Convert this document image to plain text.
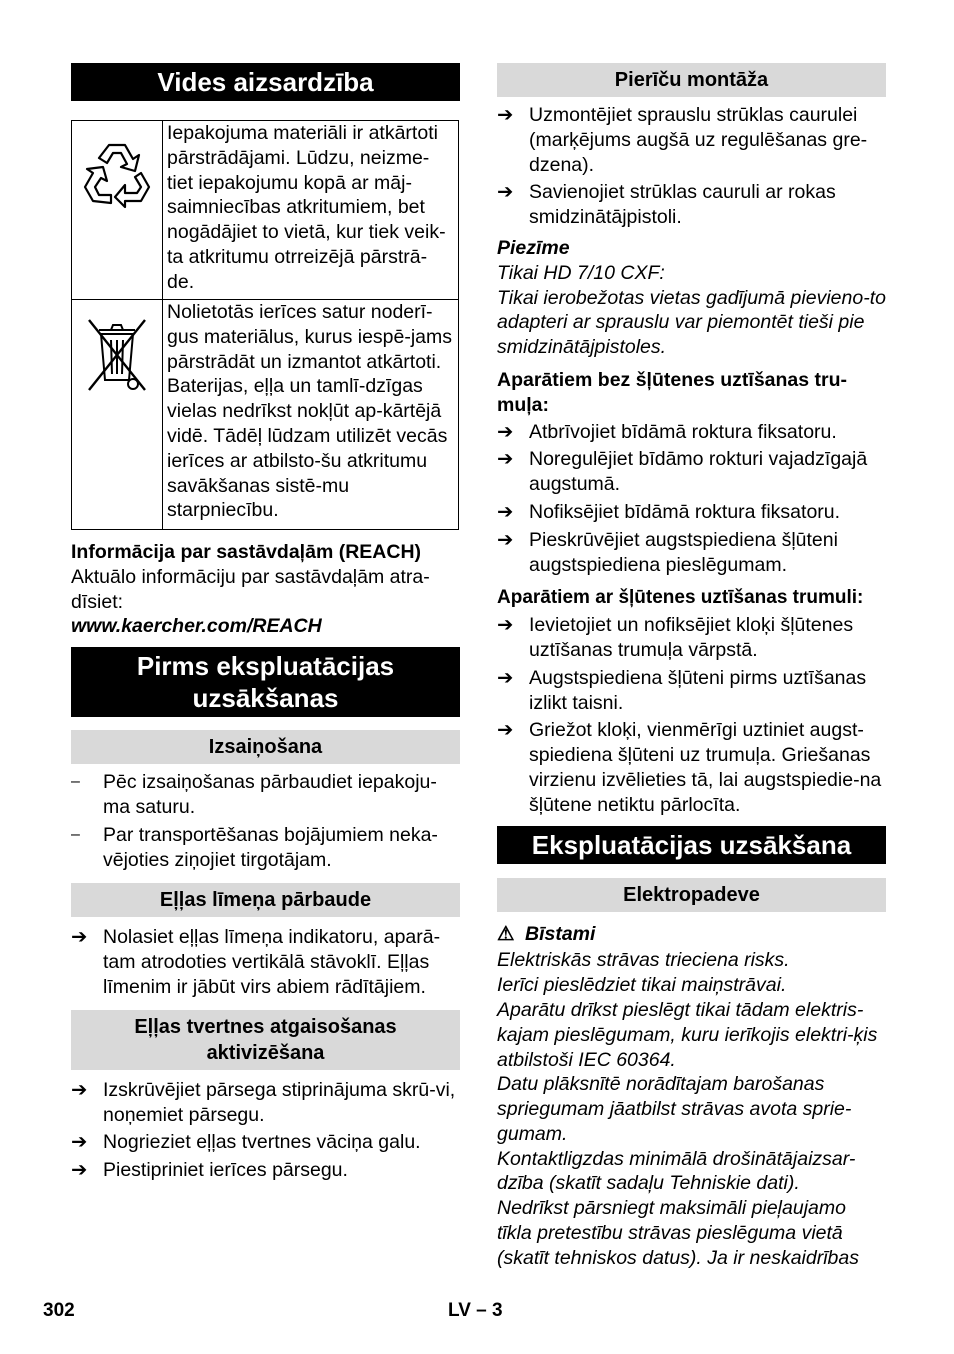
Vides aizsardzība
	Iepakojuma materiāli ir atkārtoti pārstrādājami. Lūdzu, neizme-tiet iepakojumu kopā ar māj-saimniecības atkritumiem, bet nogādājiet to vietā, kur tiek veik-ta atkritumu otrreizējā pārstrā-de.
	Nolietotās ierīces satur noderī-gus materiālus, kurus iespē-jams pārstrādāt un izmantot atkārtoti. Baterijas, eļļa un tamlī-dzīgas vielas nedrīkst nokļūt ap-kārtējā vidē. Tādēļ lūdzam utilizēt vecās ierīces ar atbilsto-šu atkritumu savākšanas sistē-mu starpniecību.
Informācija par sastāvdaļām (REACH)
Aktuālo informāciju par sastāvdaļām atra-dīsiet:
www.kaercher.com/REACH
Pirms ekspluatācijas uzsākšanas
Izsaiņošana
–	Pēc izsaiņošanas pārbaudiet iepakoju-ma saturu.
–	Par transportēšanas bojājumiem neka-vējoties ziņojiet tirgotājam.
Eļļas līmeņa pārbaude
➔ Nolasiet eļļas līmeņa indikatoru, aparā-tam atrodoties vertikālā stāvoklī. Eļļas līmenim ir jābūt virs abiem rādītājiem.
Eļļas tvertnes atgaisošanas aktivizēšana
➔ Izskrūvējiet pārsega stiprinājuma skrū-vi, noņemiet pārsegu.
➔ Nogrieziet eļļas tvertnes vāciņa galu.
➔ Piestipriniet ierīces pārsegu.
Pierīču montāža
➔ Uzmontējiet sprauslu strūklas caurulei (marķējums augšā uz regulēšanas gre-dzena).
➔ Savienojiet strūklas cauruli ar rokas smidzinātājpistoli.
Piezīme
Tikai HD 7/10 CXF:
Tikai ierobežotas vietas gadījumā pievieno-to adapteri ar sprauslu var piemontēt tieši pie smidzinātājpistoles.
Aparātiem bez šļūtenes uztīšanas tru-muļa:
➔ Atbrīvojiet bīdāmā roktura fiksatoru.
➔ Noregulējiet bīdāmo rokturi vajadzīgajā augstumā.
➔ Nofiksējiet bīdāmā roktura fiksatoru.
➔ Pieskrūvējiet augstspiediena šļūteni augstspiediena pieslēgumam.
Aparātiem ar šļūtenes uztīšanas trumuli:
➔ Ievietojiet un nofiksējiet kloķi šļūtenes uztīšanas trumuļa vārpstā.
➔ Augstspiediena šļūteni pirms uztīšanas izlikt taisni.
➔ Griežot kloķi, vienmērīgi uztiniet augst-spiediena šļūteni uz trumuļa. Griešanas virzienu izvēlieties tā, lai augstspiedie-na šļūtene netiktu pārlocīta.
Ekspluatācijas uzsākšana
Elektropadeve
⚠ Bīstami
Elektriskās strāvas trieciena risks.
Ierīci pieslēdziet tikai maiņstrāvai.
Aparātu drīkst pieslēgt tikai tādam elektris-kajam pieslēgumam, kuru ierīkojis elektri-ķis atbilstoši IEC 60364.
Datu plāksnītē norādītajam barošanas spriegumam jāatbilst strāvas avota sprie-gumam.
Kontaktligzdas minimālā drošinātājaizsar-dzība (skatīt sadaļu Tehniskie dati).
Nedrīkst pārsniegt maksimāli pieļaujamo tīkla pretestību strāvas pieslēguma vietā (skatīt tehniskos datus). Ja ir neskaidrības
302	LV – 3
